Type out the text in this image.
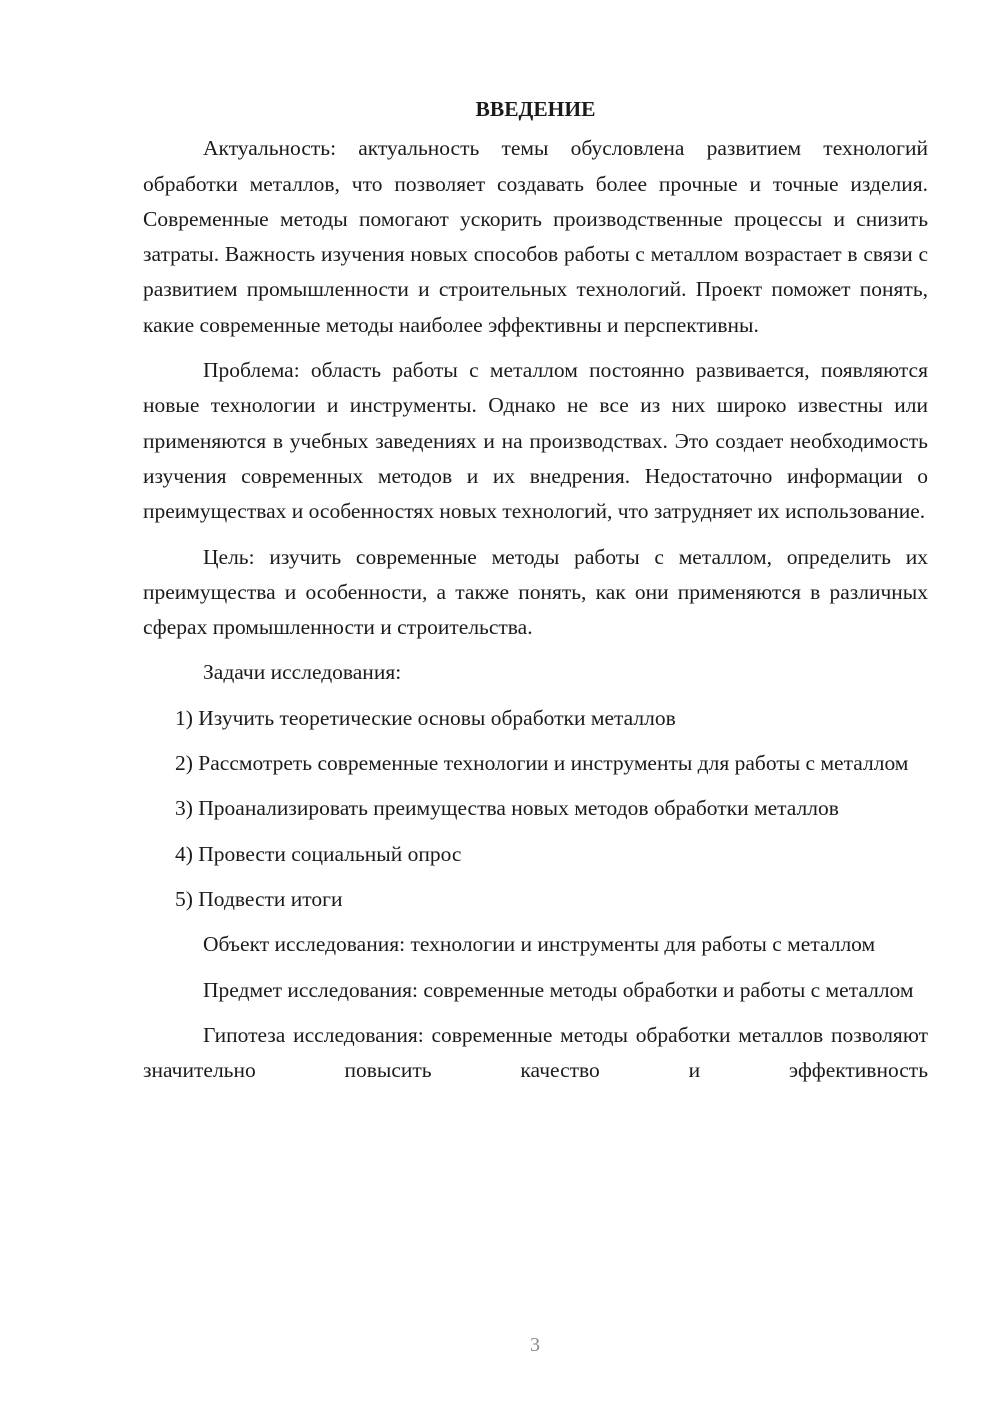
ВВЕДЕНИЕ

Актуальность: актуальность темы обусловлена развитием технологий обработки металлов, что позволяет создавать более прочные и точные изделия. Современные методы помогают ускорить производственные процессы и снизить затраты. Важность изучения новых способов работы с металлом возрастает в связи с развитием промышленности и строительных технологий. Проект поможет понять, какие современные методы наиболее эффективны и перспективны.

Проблема: область работы с металлом постоянно развивается, появляются новые технологии и инструменты. Однако не все из них широко известны или применяются в учебных заведениях и на производствах. Это создает необходимость изучения современных методов и их внедрения. Недостаточно информации о преимуществах и особенностях новых технологий, что затрудняет их использование.

Цель: изучить современные методы работы с металлом, определить их преимущества и особенности, а также понять, как они применяются в различных сферах промышленности и строительства.

Задачи исследования:

1) Изучить теоретические основы обработки металлов

2) Рассмотреть современные технологии и инструменты для работы с металлом

3) Проанализировать преимущества новых методов обработки металлов

4) Провести социальный опрос

5) Подвести итоги

Объект исследования: технологии и инструменты для работы с металлом

Предмет исследования: современные методы обработки и работы с металлом

Гипотеза исследования: современные методы обработки металлов позволяют значительно повысить качество и эффективность

3
